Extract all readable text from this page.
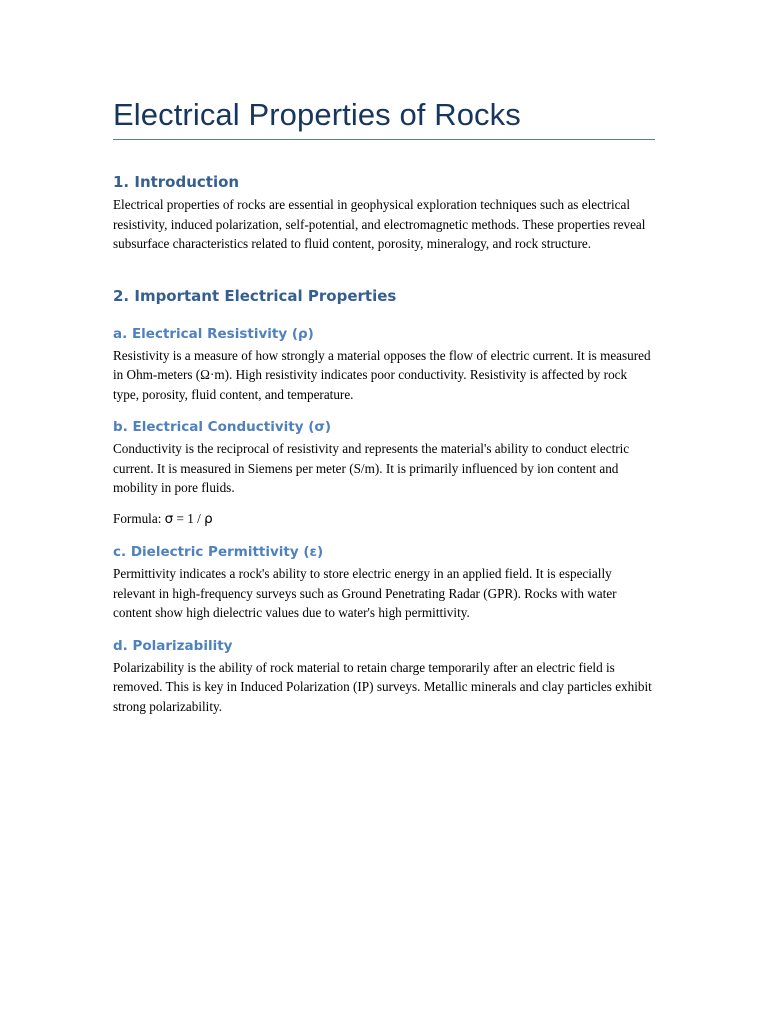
Electrical Properties of Rocks
1. Introduction

Electrical properties of rocks are essential in geophysical exploration techniques such as electrical resistivity, induced polarization, self-potential, and electromagnetic methods. These properties reveal subsurface characteristics related to fluid content, porosity, mineralogy, and rock structure.

2. Important Electrical Properties
a. Electrical Resistivity (ρ)

Resistivity is a measure of how strongly a material opposes the flow of electric current. It is measured in Ohm-meters (Ω·m). High resistivity indicates poor conductivity. Resistivity is affected by rock type, porosity, fluid content, and temperature.

b. Electrical Conductivity (σ)

Conductivity is the reciprocal of resistivity and represents the material's ability to conduct electric current. It is measured in Siemens per meter (S/m). It is primarily influenced by ion content and mobility in pore fluids.

Formula: σ = 1 / ρ

c. Dielectric Permittivity (ε)

Permittivity indicates a rock's ability to store electric energy in an applied field. It is especially relevant in high-frequency surveys such as Ground Penetrating Radar (GPR). Rocks with water content show high dielectric values due to water's high permittivity.

d. Polarizability

Polarizability is the ability of rock material to retain charge temporarily after an electric field is removed. This is key in Induced Polarization (IP) surveys. Metallic minerals and clay particles exhibit strong polarizability.
